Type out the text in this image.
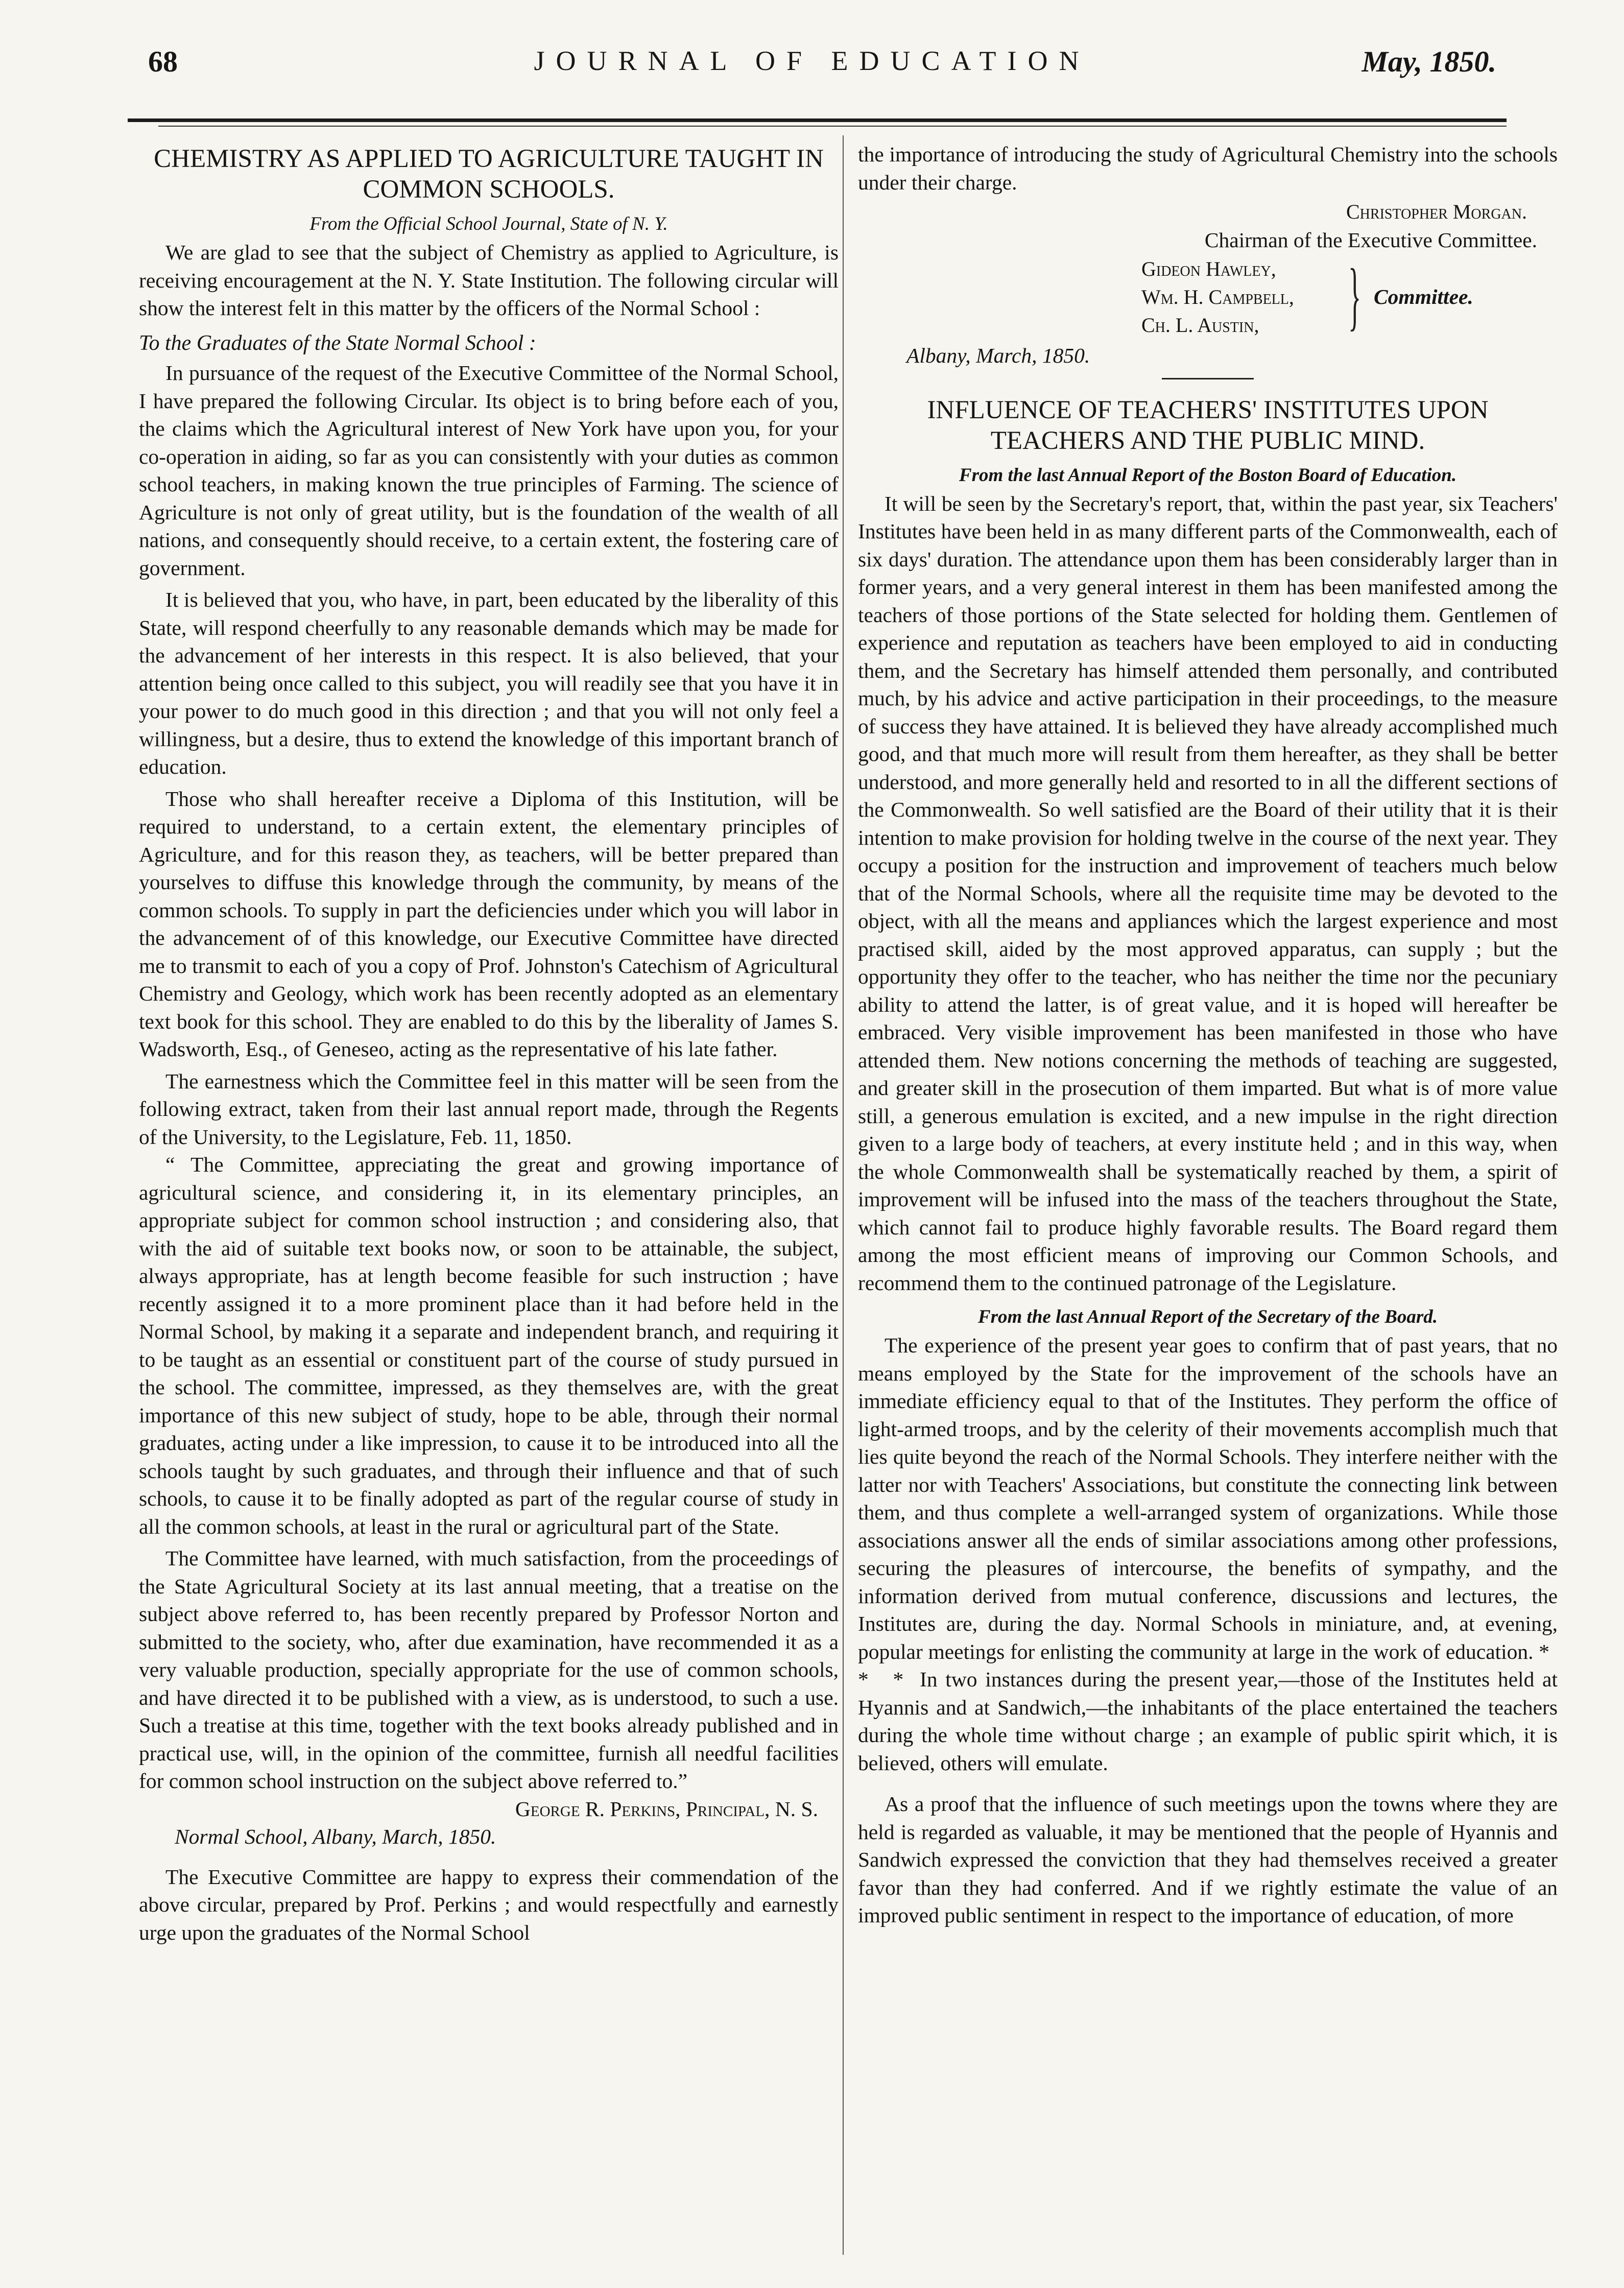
68	JOURNAL OF EDUCATION	May, 1850.
CHEMISTRY AS APPLIED TO AGRICULTURE TAUGHT IN COMMON SCHOOLS.
From the Official School Journal, State of N. Y.

We are glad to see that the subject of Chemistry as applied to Agriculture, is receiving encouragement at the N. Y. State Institution. The following circular will show the interest felt in this matter by the officers of the Normal School :

To the Graduates of the State Normal School :

In pursuance of the request of the Executive Committee of the Normal School, I have prepared the following Circular. Its object is to bring before each of you, the claims which the Agricultural interest of New York have upon you, for your co-operation in aiding, so far as you can consistently with your duties as common school teachers, in making known the true principles of Farming. The science of Agriculture is not only of great utility, but is the foundation of the wealth of all nations, and consequently should receive, to a certain extent, the fostering care of government.

It is believed that you, who have, in part, been educated by the liberality of this State, will respond cheerfully to any reasonable demands which may be made for the advancement of her interests in this respect. It is also believed, that your attention being once called to this subject, you will readily see that you have it in your power to do much good in this direction ; and that you will not only feel a willingness, but a desire, thus to extend the knowledge of this important branch of education.

Those who shall hereafter receive a Diploma of this Institution, will be required to understand, to a certain extent, the elementary principles of Agriculture, and for this reason they, as teachers, will be better prepared than yourselves to diffuse this knowledge through the community, by means of the common schools. To supply in part the deficiencies under which you will labor in the advancement of of this knowledge, our Executive Committee have directed me to transmit to each of you a copy of Prof. Johnston's Catechism of Agricultural Chemistry and Geology, which work has been recently adopted as an elementary text book for this school. They are enabled to do this by the liberality of James S. Wadsworth, Esq., of Geneseo, acting as the representative of his late father.

The earnestness which the Committee feel in this matter will be seen from the following extract, taken from their last annual report made, through the Regents of the University, to the Legislature, Feb. 11, 1850.

“ The Committee, appreciating the great and growing importance of agricultural science, and considering it, in its elementary principles, an appropriate subject for common school instruction ; and considering also, that with the aid of suitable text books now, or soon to be attainable, the subject, always appropriate, has at length become feasible for such instruction ; have recently assigned it to a more prominent place than it had before held in the Normal School, by making it a separate and independent branch, and requiring it to be taught as an essential or constituent part of the course of study pursued in the school. The committee, impressed, as they themselves are, with the great importance of this new subject of study, hope to be able, through their normal graduates, acting under a like impression, to cause it to be introduced into all the schools taught by such graduates, and through their influence and that of such schools, to cause it to be finally adopted as part of the regular course of study in all the common schools, at least in the rural or agricultural part of the State.

The Committee have learned, with much satisfaction, from the proceedings of the State Agricultural Society at its last annual meeting, that a treatise on the subject above referred to, has been recently prepared by Professor Norton and submitted to the society, who, after due examination, have recommended it as a very valuable production, specially appropriate for the use of common schools, and have directed it to be published with a view, as is understood, to such a use. Such a treatise at this time, together with the text books already published and in practical use, will, in the opinion of the committee, furnish all needful facilities for common school instruction on the subject above referred to.”

George R. Perkins, Principal, N. S.
Normal School, Albany, March, 1850.

The Executive Committee are happy to express their commendation of the above circular, prepared by Prof. Perkins ; and would respectfully and earnestly urge upon the graduates of the Normal School

the importance of introducing the study of Agricultural Chemistry into the schools under their charge.

Christopher Morgan.
Chairman of the Executive Committee.
Gideon Hawley,
Wm. H. Campbell,
Ch. L. Austin,	} Committee.
Albany, March, 1850.
INFLUENCE OF TEACHERS' INSTITUTES UPON TEACHERS AND THE PUBLIC MIND.
From the last Annual Report of the Boston Board of Education.

It will be seen by the Secretary's report, that, within the past year, six Teachers' Institutes have been held in as many different parts of the Commonwealth, each of six days' duration. The attendance upon them has been considerably larger than in former years, and a very general interest in them has been manifested among the teachers of those portions of the State selected for holding them. Gentlemen of experience and reputation as teachers have been employed to aid in conducting them, and the Secretary has himself attended them personally, and contributed much, by his advice and active participation in their proceedings, to the measure of success they have attained. It is believed they have already accomplished much good, and that much more will result from them hereafter, as they shall be better understood, and more generally held and resorted to in all the different sections of the Commonwealth. So well satisfied are the Board of their utility that it is their intention to make provision for holding twelve in the course of the next year. They occupy a position for the instruction and improvement of teachers much below that of the Normal Schools, where all the requisite time may be devoted to the object, with all the means and appliances which the largest experience and most practised skill, aided by the most approved apparatus, can supply ; but the opportunity they offer to the teacher, who has neither the time nor the pecuniary ability to attend the latter, is of great value, and it is hoped will hereafter be embraced. Very visible improvement has been manifested in those who have attended them. New notions concerning the methods of teaching are suggested, and greater skill in the prosecution of them imparted. But what is of more value still, a generous emulation is excited, and a new impulse in the right direction given to a large body of teachers, at every institute held ; and in this way, when the whole Commonwealth shall be systematically reached by them, a spirit of improvement will be infused into the mass of the teachers throughout the State, which cannot fail to produce highly favorable results. The Board regard them among the most efficient means of improving our Common Schools, and recommend them to the continued patronage of the Legislature.

From the last Annual Report of the Secretary of the Board.

The experience of the present year goes to confirm that of past years, that no means employed by the State for the improvement of the schools have an immediate efficiency equal to that of the Institutes. They perform the office of light-armed troops, and by the celerity of their movements accomplish much that lies quite beyond the reach of the Normal Schools. They interfere neither with the latter nor with Teachers' Associations, but constitute the connecting link between them, and thus complete a well-arranged system of organizations. While those associations answer all the ends of similar associations among other professions, securing the pleasures of intercourse, the benefits of sympathy, and the information derived from mutual conference, discussions and lectures, the Institutes are, during the day. Normal Schools in miniature, and, at evening, popular meetings for enlisting the community at large in the work of education. * * * In two instances during the present year,—those of the Institutes held at Hyannis and at Sandwich,—the inhabitants of the place entertained the teachers during the whole time without charge ; an example of public spirit which, it is believed, others will emulate.

As a proof that the influence of such meetings upon the towns where they are held is regarded as valuable, it may be mentioned that the people of Hyannis and Sandwich expressed the conviction that they had themselves received a greater favor than they had conferred. And if we rightly estimate the value of an improved public sentiment in respect to the importance of education, of more
